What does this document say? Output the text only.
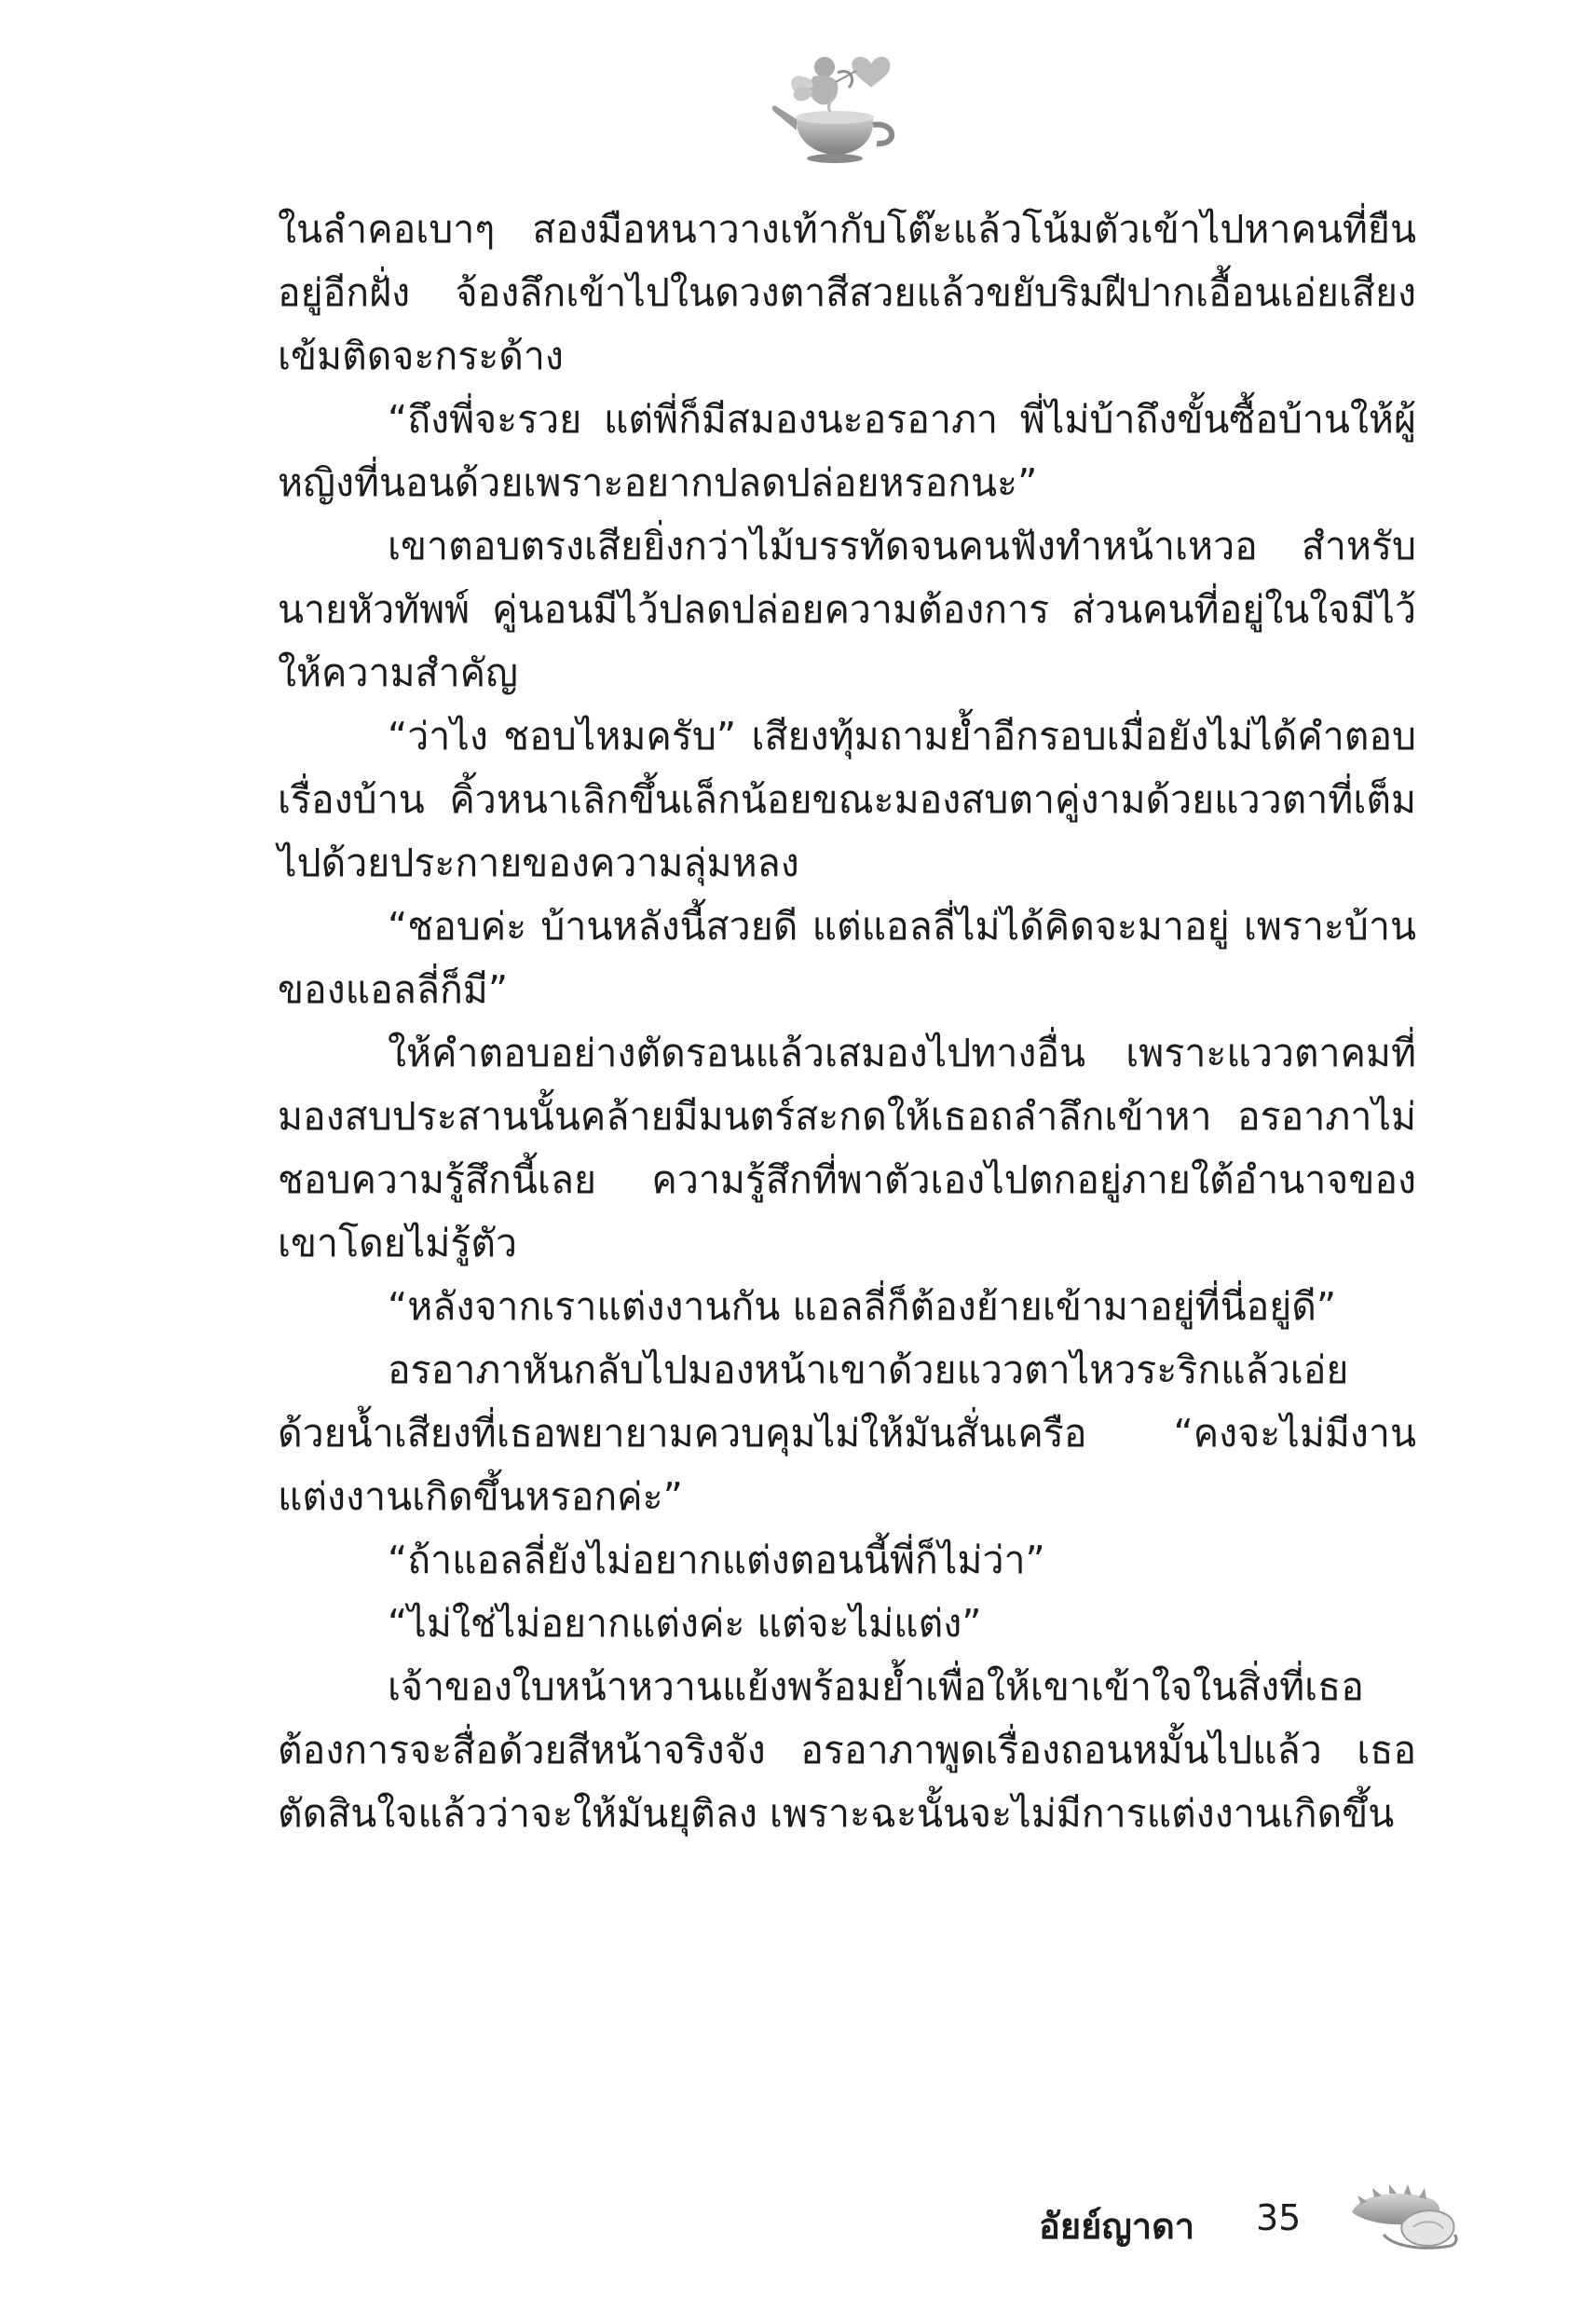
ในลำคอเบาๆ สองมือหนาวางเท้ากับโต๊ะแล้วโน้มตัวเข้าไปหาคนที่ยืนอยู่อีกฝั่ง จ้องลึกเข้าไปในดวงตาสีสวยแล้วขยับริมฝีปากเอื้อนเอ่ยเสียงเข้มติดจะกระด้าง

“ถึงพี่จะรวย แต่พี่ก็มีสมองนะอรอาภา พี่ไม่บ้าถึงขั้นซื้อบ้านให้ผู้หญิงที่นอนด้วยเพราะอยากปลดปล่อยหรอกนะ”

เขาตอบตรงเสียยิ่งกว่าไม้บรรทัดจนคนฟังทำหน้าเหวอ สำหรับนายหัวทัพพ์ คู่นอนมีไว้ปลดปล่อยความต้องการ ส่วนคนที่อยู่ในใจมีไว้ให้ความสำคัญ

“ว่าไง ชอบไหมครับ” เสียงทุ้มถามย้ำอีกรอบเมื่อยังไม่ได้คำตอบเรื่องบ้าน คิ้วหนาเลิกขึ้นเล็กน้อยขณะมองสบตาคู่งามด้วยแววตาที่เต็มไปด้วยประกายของความลุ่มหลง

“ชอบค่ะ บ้านหลังนี้สวยดี แต่แอลลี่ไม่ได้คิดจะมาอยู่ เพราะบ้านของแอลลี่ก็มี”

ให้คำตอบอย่างตัดรอนแล้วเสมองไปทางอื่น เพราะแววตาคมที่มองสบประสานนั้นคล้ายมีมนตร์สะกดให้เธอถลำลึกเข้าหา อรอาภาไม่ชอบความรู้สึกนี้เลย ความรู้สึกที่พาตัวเองไปตกอยู่ภายใต้อำนาจของเขาโดยไม่รู้ตัว

“หลังจากเราแต่งงานกัน แอลลี่ก็ต้องย้ายเข้ามาอยู่ที่นี่อยู่ดี”

อรอาภาหันกลับไปมองหน้าเขาด้วยแววตาไหวระริกแล้วเอ่ยด้วยน้ำเสียงที่เธอพยายามควบคุมไม่ให้มันสั่นเครือ “คงจะไม่มีงานแต่งงานเกิดขึ้นหรอกค่ะ”

“ถ้าแอลลี่ยังไม่อยากแต่งตอนนี้พี่ก็ไม่ว่า”

“ไม่ใช่ไม่อยากแต่งค่ะ แต่จะไม่แต่ง”

เจ้าของใบหน้าหวานแย้งพร้อมย้ำเพื่อให้เขาเข้าใจในสิ่งที่เธอต้องการจะสื่อด้วยสีหน้าจริงจัง อรอาภาพูดเรื่องถอนหมั้นไปแล้ว เธอตัดสินใจแล้วว่าจะให้มันยุติลง เพราะฉะนั้นจะไม่มีการแต่งงานเกิดขึ้น

อัยย์ญาดา 35
